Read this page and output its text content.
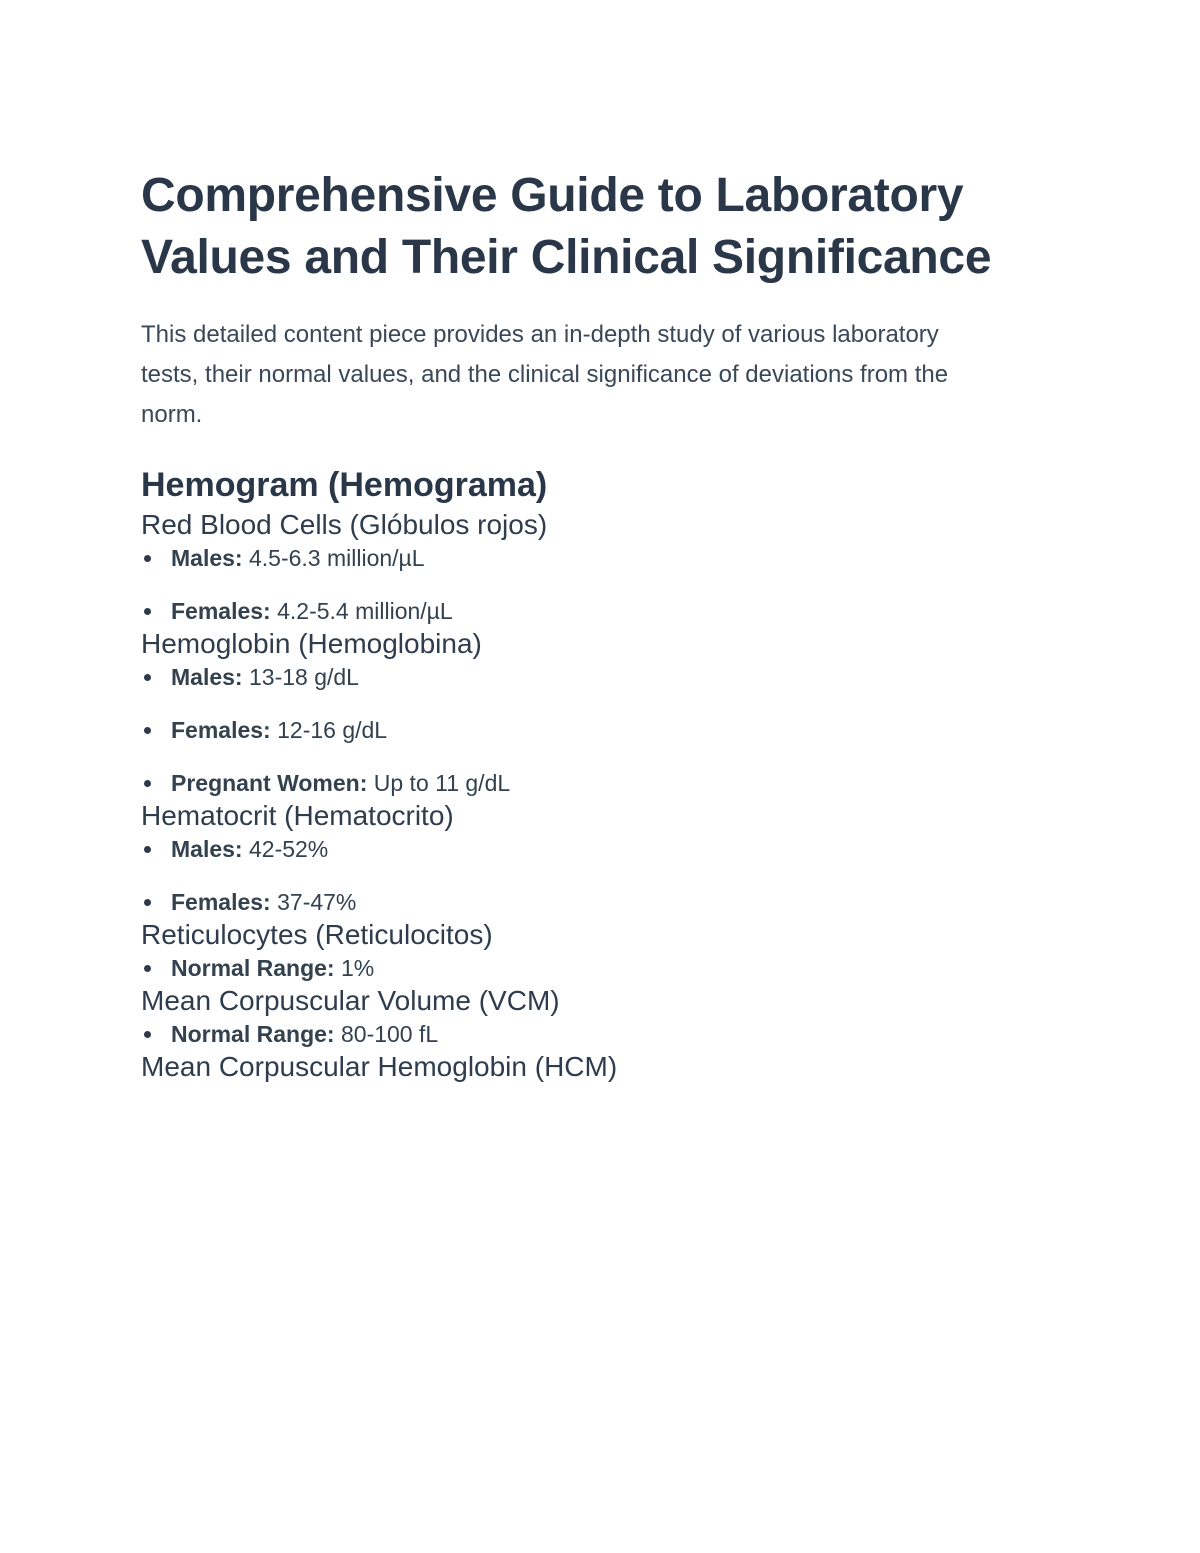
Comprehensive Guide to Laboratory Values and Their Clinical Significance

This detailed content piece provides an in-depth study of various laboratory tests, their normal values, and the clinical significance of deviations from the norm.

Hemogram (Hemograma)
Red Blood Cells (Glóbulos rojos)
Males: 4.5-6.3 million/µL
Females: 4.2-5.4 million/µL
Hemoglobin (Hemoglobina)
Males: 13-18 g/dL
Females: 12-16 g/dL
Pregnant Women: Up to 11 g/dL
Hematocrit (Hematocrito)
Males: 42-52%
Females: 37-47%
Reticulocytes (Reticulocitos)
Normal Range: 1%
Mean Corpuscular Volume (VCM)
Normal Range: 80-100 fL
Mean Corpuscular Hemoglobin (HCM)
